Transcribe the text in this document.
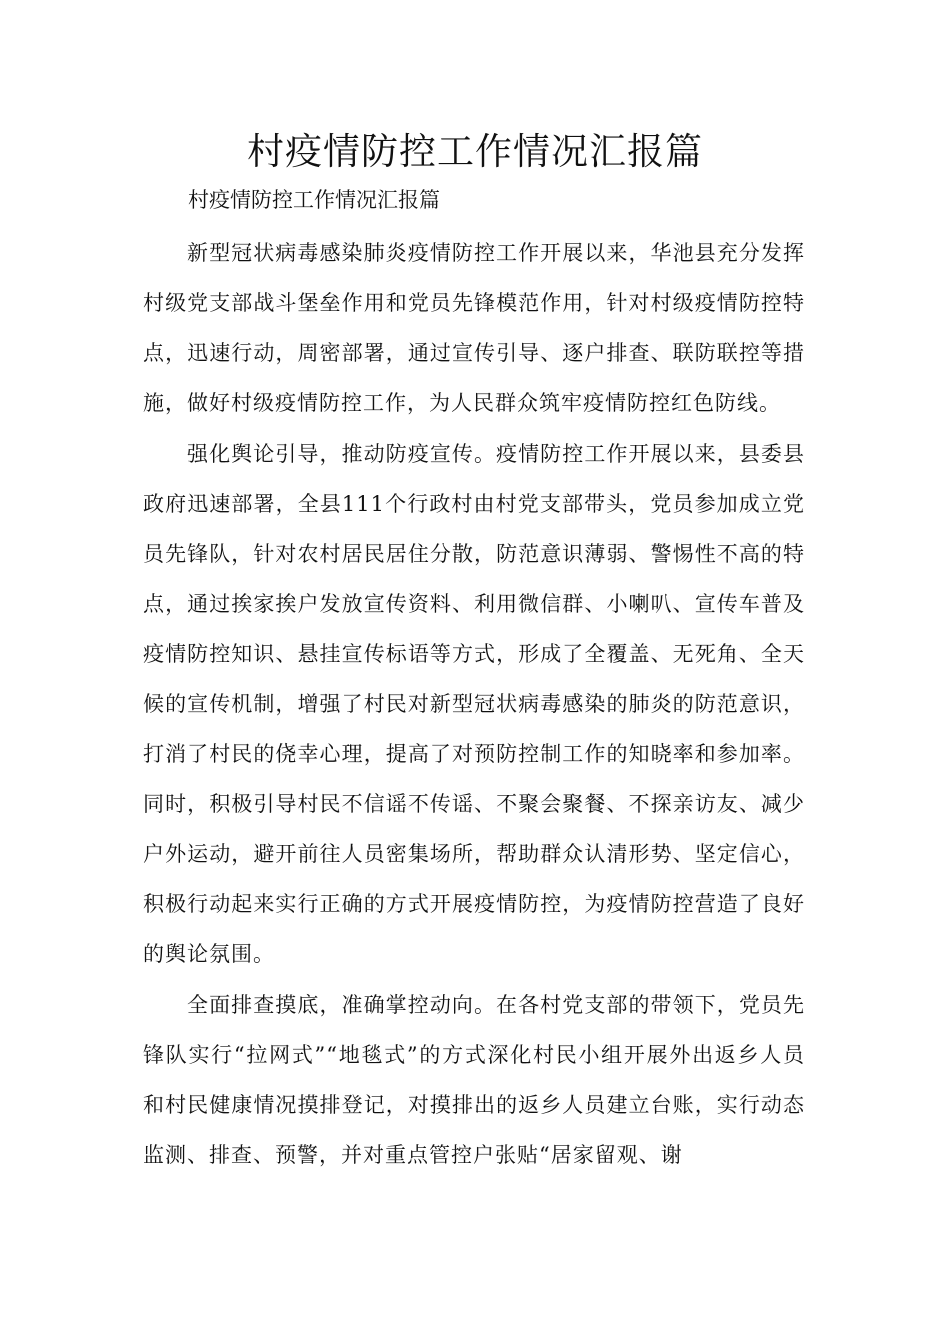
村疫情防控工作情况汇报篇
村疫情防控工作情况汇报篇

新型冠状病毒感染肺炎疫情防控工作开展以来，华池县充分发挥村级党支部战斗堡垒作用和党员先锋模范作用，针对村级疫情防控特点，迅速行动，周密部署，通过宣传引导、逐户排查、联防联控等措施，做好村级疫情防控工作，为人民群众筑牢疫情防控红色防线。

强化舆论引导，推动防疫宣传。疫情防控工作开展以来，县委县政府迅速部署，全县111个行政村由村党支部带头，党员参加成立党员先锋队，针对农村居民居住分散，防范意识薄弱、警惕性不高的特点，通过挨家挨户发放宣传资料、利用微信群、小喇叭、宣传车普及疫情防控知识、悬挂宣传标语等方式，形成了全覆盖、无死角、全天候的宣传机制，增强了村民对新型冠状病毒感染的肺炎的防范意识，打消了村民的侥幸心理，提高了对预防控制工作的知晓率和参加率。同时，积极引导村民不信谣不传谣、不聚会聚餐、不探亲访友、减少户外运动，避开前往人员密集场所，帮助群众认清形势、坚定信心，积极行动起来实行正确的方式开展疫情防控，为疫情防控营造了良好的舆论氛围。

全面排查摸底，准确掌控动向。在各村党支部的带领下，党员先锋队实行“拉网式”“地毯式”的方式深化村民小组开展外出返乡人员和村民健康情况摸排登记，对摸排出的返乡人员建立台账，实行动态监测、排查、预警，并对重点管控户张贴“居家留观、谢
